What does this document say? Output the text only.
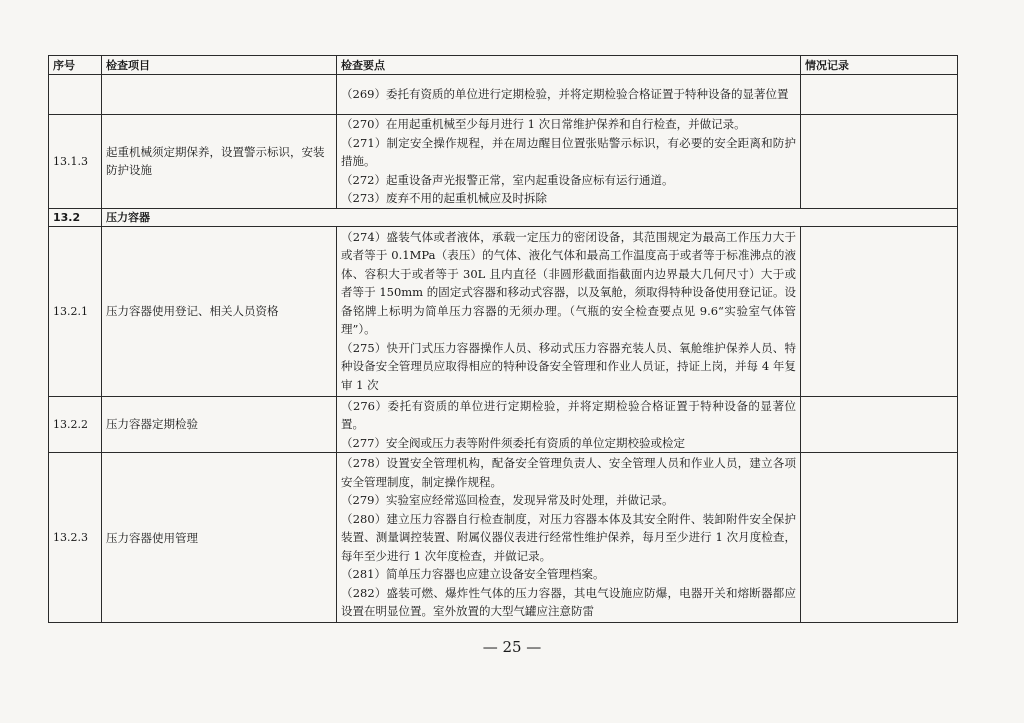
序号	检查项目	检查要点	情况记录

		（269）委托有资质的单位进行定期检验，并将定期检验合格证置于特种设备的显著位置	

13.1.3	起重机械须定期保养，设置警示标识，安装防护设施	（270）在用起重机械至少每月进行 1 次日常维护保养和自行检查，并做记录。
（271）制定安全操作规程，并在周边醒目位置张贴警示标识，有必要的安全距离和防护措施。
（272）起重设备声光报警正常，室内起重设备应标有运行通道。
（273）废弃不用的起重机械应及时拆除	

13.2	压力容器		
13.2.1	压力容器使用登记、相关人员资格	（274）盛装气体或者液体，承载一定压力的密闭设备，其范围规定为最高工作压力大于或者等于 0.1MPa（表压）的气体、液化气体和最高工作温度高于或者等于标准沸点的液体、容积大于或者等于 30L 且内直径（非圆形截面指截面内边界最大几何尺寸）大于或者等于 150mm 的固定式容器和移动式容器，以及氧舱，须取得特种设备使用登记证。设备铭牌上标明为简单压力容器的无须办理。（气瓶的安全检查要点见 9.6“实验室气体管理”）。
（275）快开门式压力容器操作人员、移动式压力容器充装人员、氧舱维护保养人员、特种设备安全管理员应取得相应的特种设备安全管理和作业人员证，持证上岗，并每 4 年复审 1 次	

13.2.2	压力容器定期检验	（276）委托有资质的单位进行定期检验，并将定期检验合格证置于特种设备的显著位置。
（277）安全阀或压力表等附件须委托有资质的单位定期校验或检定	

13.2.3	压力容器使用管理	（278）设置安全管理机构，配备安全管理负责人、安全管理人员和作业人员，建立各项安全管理制度，制定操作规程。
（279）实验室应经常巡回检查，发现异常及时处理，并做记录。
（280）建立压力容器自行检查制度，对压力容器本体及其安全附件、装卸附件安全保护装置、测量调控装置、附属仪器仪表进行经常性维护保养，每月至少进行 1 次月度检查，每年至少进行 1 次年度检查，并做记录。
（281）简单压力容器也应建立设备安全管理档案。
（282）盛装可燃、爆炸性气体的压力容器，其电气设施应防爆，电器开关和熔断器都应设置在明显位置。室外放置的大型气罐应注意防雷	

— 25 —
